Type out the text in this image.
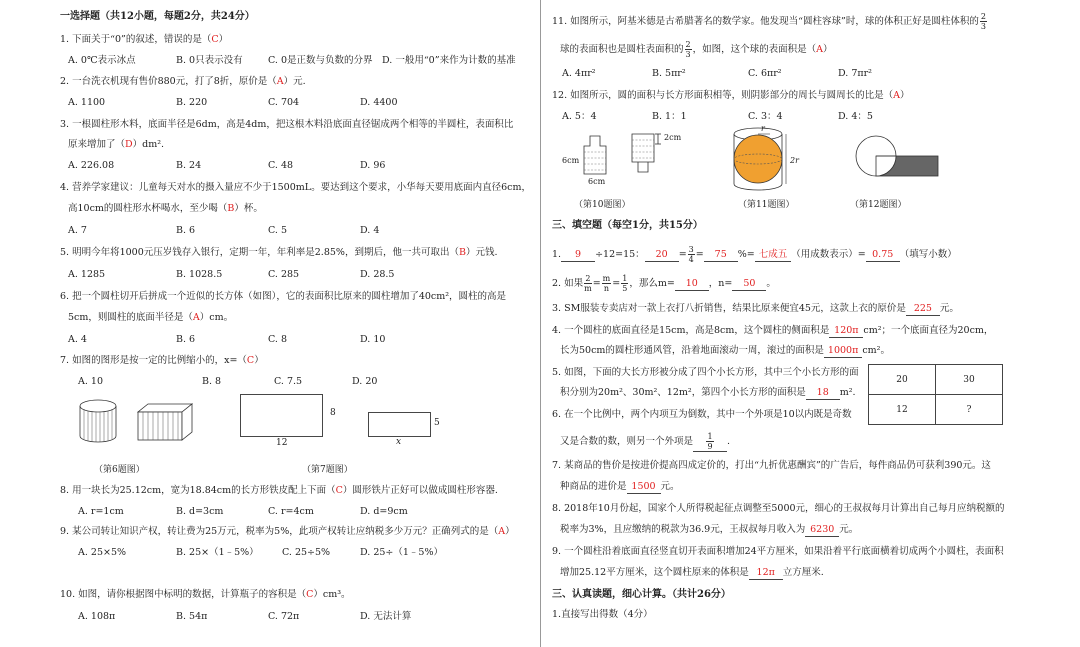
一选择题（共12小题，每题2分，共24分）
1. 下面关于“0”的叙述，错误的是（C）
A. 0℃表示冰点	B. 0只表示没有	C. 0是正数与负数的分界 D. 一般用“0”来作为计数的基准
2. 一台洗衣机现有售价880元，打了8折，原价是（A）元.
A. 1100	B. 220	C. 704	D. 4400
3. 一根圆柱形木料，底面半径是6dm，高是4dm，把这根木料沿底面直径锯成两个相等的半圆柱，表面积比
原来增加了（D）dm².
A. 226.08	B. 24	C. 48	D. 96
4. 营养学家建议：儿童每天对水的摄入量应不少于1500mL。要达到这个要求，小华每天要用底面内直径6cm，
高10cm的圆柱形水杯喝水，至少喝（B）杯。
A. 7	B. 6	C. 5	D. 4
5. 明明今年将1000元压岁钱存入银行，定期一年，年利率是2.85%，到期后，他一共可取出（B）元钱.
A. 1285	B. 1028.5	C. 285	D. 28.5
6. 把一个圆柱切开后拼成一个近似的长方体（如图），它的表面积比原来的圆柱增加了40cm²，圆柱的高是
5cm，则圆柱的底面半径是（A）cm。
A. 4	B. 6	C. 8	D. 10
7. 如图的图形是按一定的比例缩小的，x=（C）
A. 10	B. 8	C. 7.5	D. 20
8
12
5
x
（第6题图）	（第7题图）
8. 用一块长为25.12cm，宽为18.84cm的长方形铁皮配上下面（C）圆形铁片正好可以做成圆柱形容器.
A. r=1cm	B. d=3cm	C. r=4cm	D. d=9cm
9. 某公司转让知识产权，转让费为25万元，税率为5%，此项产权转让应纳税多少万元？正确列式的是（A）
A. 25×5%	B. 25×（1﹣5%） C. 25÷5%	D. 25÷（1﹣5%）
10. 如图，请你根据图中标明的数据，计算瓶子的容积是（C）cm³。
A. 108π	B. 54π	C. 72π	D. 无法计算
11. 如图所示，阿基米德是古希腊著名的数学家。他发现当“圆柱容球”时，球的体积正好是圆柱体积的 $\frac{2}{3}$
球的表面积也是圆柱表面积的 $\frac{2}{3}$ ，如图，这个球的表面积是（A）
A. 4πr²	B. 5πr²	C. 6πr²	D. 7πr²
12. 如图所示，圆的面积与长方形面积相等，则阴影部分的周长与圆周长的比是（A）
A. 5：4	B. 1：1	C. 3：4	D. 4：5
6cm
2cm
6cm
r
2r
（第10题图）	（第11题图）	（第12题图）
三、填空题（每空1分，共15分）
1. 9 ÷12=15： $20 = \frac{3}{4} = 75$ %= 七成五 （用成数表示）= 0.75 （填写小数）
2. 如果 $\frac{2}{m} = \frac{m}{n} = \frac{1}{5}$ ，那么m= 10 ，n= 50 。
3. SM服装专卖店对一款上衣打八折销售，结果比原来便宜45元，这款上衣的原价是 225 元。
4. 一个圆柱的底面直径是15cm，高是8cm，这个圆柱的侧面积是 120π cm²；一个底面直径为20cm，
长为50cm的圆柱形通风管，沿着地面滚动一周，滚过的面积是 1000π cm²。
5. 如图，下面的大长方形被分成了四个小长方形，其中三个小长方形的面
积分别为20m²、30m²、12m²，第四个小长方形的面积是 18 m².
20	30
12	?
6. 在一个比例中，两个内项互为倒数，其中一个外项是10以内既是奇数
又是合数的数，则另一个外项是 $\frac{1}{9}$ .
7. 某商品的售价是按进价提高四成定价的，打出“九折优惠酬宾”的广告后，每件商品仍可获利390元。这
种商品的进价是 1500 元。
8. 2018年10月份起，国家个人所得税起征点调整至5000元，细心的王叔叔每月计算出自己每月应纳税额的
税率为3%，且应缴纳的税款为36.9元，王叔叔每月收入为 6230 元。
9. 一个圆柱沿着底面直径竖直切开表面积增加24平方厘米，如果沿着平行底面横着切成两个小圆柱，表面积
增加25.12平方厘米，这个圆柱原来的体积是 12π 立方厘米.
三、认真读题，细心计算。（共计26分）
1.直接写出得数（4分）
